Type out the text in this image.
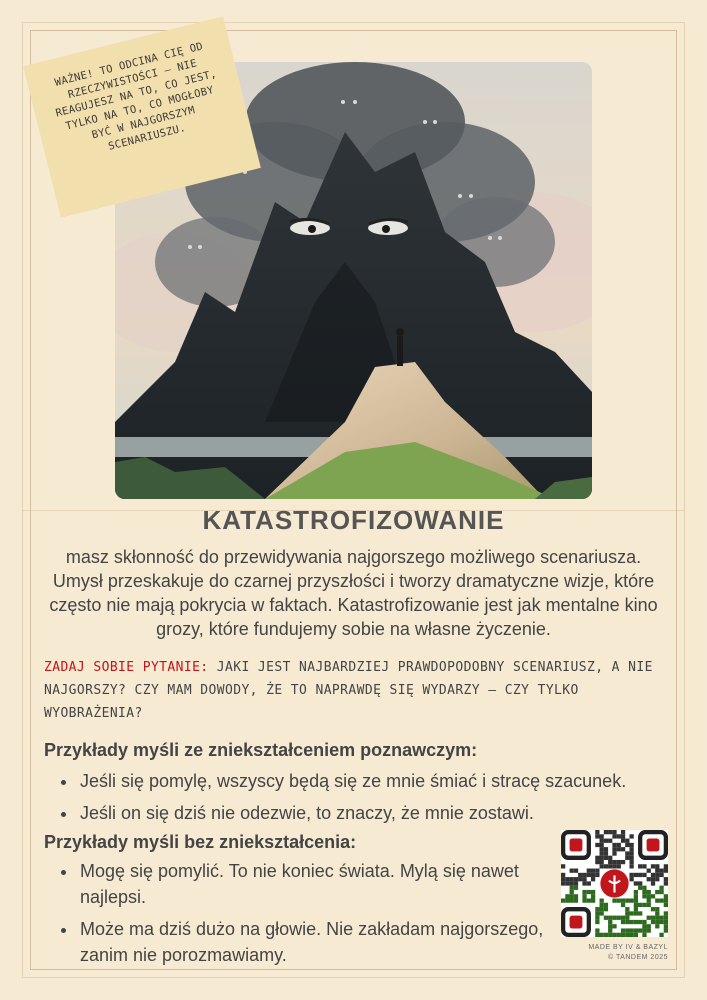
WAŻNE! TO ODCINA CIĘ OD RZECZYWISTOŚCI – NIE REAGUJESZ NA TO, CO JEST, TYLKO NA TO, CO MOGŁOBY BYĆ W NAJGORSZYM SCENARIUSZU.
KATASTROFIZOWANIE
masz skłonność do przewidywania najgorszego możliwego scenariusza. Umysł przeskakuje do czarnej przyszłości i tworzy dramatyczne wizje, które często nie mają pokrycia w faktach. Katastrofizowanie jest jak mentalne kino grozy, które fundujemy sobie na własne życzenie.
ZADAJ SOBIE PYTANIE: JAKI JEST NAJBARDZIEJ PRAWDOPODOBNY SCENARIUSZ, A NIE NAJGORSZY? CZY MAM DOWODY, ŻE TO NAPRAWDĘ SIĘ WYDARZY – CZY TYLKO WYOBRAŻENIA?
Przykłady myśli ze zniekształceniem poznawczym:
• Jeśli się pomylę, wszyscy będą się ze mnie śmiać i stracę szacunek.
• Jeśli on się dziś nie odezwie, to znaczy, że mnie zostawi.
Przykłady myśli bez zniekształcenia:
• Mogę się pomylić. To nie koniec świata. Mylą się nawet najlepsi.
• Może ma dziś dużo na głowie. Nie zakładam najgorszego, zanim nie porozmawiamy.	MADE BY IV & BAZYL
© TANDEM 2025
